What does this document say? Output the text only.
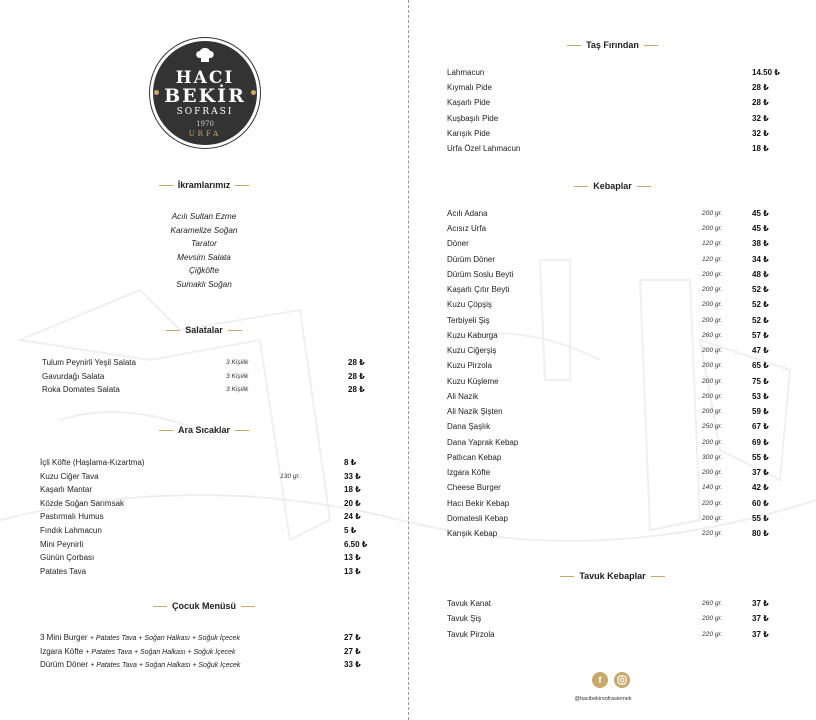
HACI
BEKİR
SOFRASI
1970
URFA
İkramlarımız
Acılı Sultan Ezme
Karamelize Soğan
Tarator
Mevsim Salata
Çiğköfte
Sumaklı Soğan
Salatalar
Tulum Peynirli Yeşil Salata	3 Kişilik	28 ₺
Gavurdağı Salata	3 Kişilik	28 ₺
Roka Domates Salata	3 Kişilik	28 ₺
Ara Sıcaklar
İçli Köfte (Haşlama-Kızartma)	8 ₺
Kuzu Ciğer Tava	130 gr.	33 ₺
Kaşarlı Mantar	18 ₺
Közde Soğan Sarımsak	20 ₺
Pastırmalı Humus	24 ₺
Fındık Lahmacun	5 ₺
Mini Peynirli	6.50 ₺
Günün Çorbası	13 ₺
Patates Tava	13 ₺
Çocuk Menüsü
3 Mini Burger + Patates Tava + Soğan Halkası + Soğuk İçecek	27 ₺
Izgara Köfte + Patates Tava + Soğan Halkası + Soğuk İçecek	27 ₺
Dürüm Döner + Patates Tava + Soğan Halkası + Soğuk İçecek	33 ₺
Taş Fırından
Kebaplar
Tavuk Kebaplar
Lahmacun	14.50 ₺
Kıymalı Pide	28 ₺
Kaşarlı Pide	28 ₺
Kuşbaşılı Pide	32 ₺
Karışık Pide	32 ₺
Urfa Özel Lahmacun	18 ₺
Acılı Adana	200 gr.	45 ₺
Acısız Urfa	200 gr.	45 ₺
Döner	120 gr.	38 ₺
Dürüm Döner	120 gr.	34 ₺
Dürüm Soslu Beyti	200 gr.	48 ₺
Kaşarlı Çıtır Beyti	200 gr.	52 ₺
Kuzu Çöpşiş	200 gr.	52 ₺
Terbiyeli Şiş	200 gr.	52 ₺
Kuzu Kaburga	260 gr.	57 ₺
Kuzu Ciğerşiş	200 gr.	47 ₺
Kuzu Pirzola	200 gr.	65 ₺
Kuzu Küşleme	200 gr.	75 ₺
Ali Nazik	200 gr.	53 ₺
Ali Nazik Şişten	200 gr.	59 ₺
Dana Şaşlık	250 gr.	67 ₺
Dana Yaprak Kebap	200 gr.	69 ₺
Patlıcan Kebap	300 gr.	55 ₺
Izgara Köfte	200 gr.	37 ₺
Cheese Burger	140 gr.	42 ₺
Hacı Bekir Kebap	220 gr.	60 ₺
Domatesli Kebap	200 gr.	55 ₺
Karışık Kebap	220 gr.	80 ₺
Tavuk Kanat	260 gr.	37 ₺
Tavuk Şiş	200 gr.	37 ₺
Tavuk Pirzola	220 gr.	37 ₺
f
@hacibekirsofrasiemek
